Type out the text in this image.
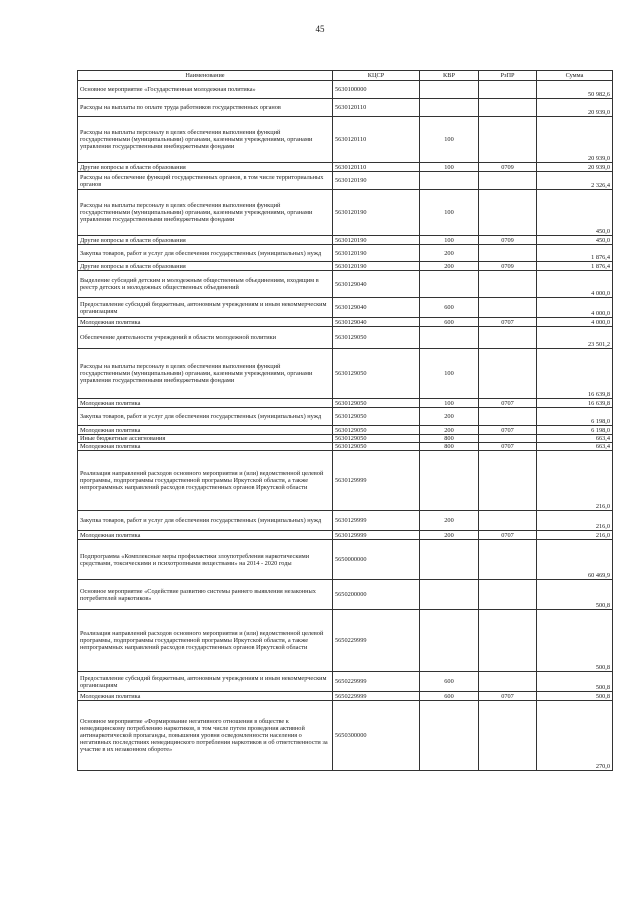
45
Наименование	КЦСР	КВР	РзПР	Сумма
Основное мероприятие «Государственная молодежная политика»	5630100000			50 982,6
Расходы на выплаты по оплате труда работников государственных органов	5630120110			20 939,0
Расходы на выплаты персоналу в целях обеспечения выполнения функций государственными (муниципальными) органами, казенными учреждениями, органами управления государственными внебюджетными фондами	5630120110	100		20 939,0
Другие вопросы в области образования	5630120110	100	0709	20 939,0
Расходы на обеспечение функций государственных органов, в том числе территориальных органов	5630120190			2 326,4
Расходы на выплаты персоналу в целях обеспечения выполнения функций государственными (муниципальными) органами, казенными учреждениями, органами управления государственными внебюджетными фондами	5630120190	100		450,0
Другие вопросы в области образования	5630120190	100	0709	450,0
Закупка товаров, работ и услуг для обеспечения государственных (муниципальных) нужд	5630120190	200		1 876,4
Другие вопросы в области образования	5630120190	200	0709	1 876,4
Выделение субсидий детским и молодежным общественным объединениям, входящим в реестр детских и молодежных общественных объединений	5630129040			4 000,0
Предоставление субсидий бюджетным, автономным учреждениям и иным некоммерческим организациям	5630129040	600		4 000,0
Молодежная политика	5630129040	600	0707	4 000,0
Обеспечение деятельности учреждений в области молодежной политики	5630129050			23 501,2
Расходы на выплаты персоналу в целях обеспечения выполнения функций государственными (муниципальными) органами, казенными учреждениями, органами управления государственными внебюджетными фондами	5630129050	100		16 639,8
Молодежная политика	5630129050	100	0707	16 639,8
Закупка товаров, работ и услуг для обеспечения государственных (муниципальных) нужд	5630129050	200		6 198,0
Молодежная политика	5630129050	200	0707	6 198,0
Иные бюджетные ассигнования	5630129050	800		663,4
Молодежная политика	5630129050	800	0707	663,4
Реализация направлений расходов основного мероприятия и (или) ведомственной целевой программы, подпрограммы государственной программы Иркутской области, а также непрограммных направлений расходов государственных органов Иркутской области	5630129999			216,0
Закупка товаров, работ и услуг для обеспечения государственных (муниципальных) нужд	5630129999	200		216,0
Молодежная политика	5630129999	200	0707	216,0
Подпрограмма «Комплексные меры профилактики злоупотребления наркотическими средствами, токсическими и психотропными веществами» на 2014 - 2020 годы	5650000000			60 469,9
Основное мероприятие «Содействие развитию системы раннего выявления незаконных потребителей наркотиков»	5650200000			500,8
Реализация направлений расходов основного мероприятия и (или) ведомственной целевой программы, подпрограммы государственной программы Иркутской области, а также непрограммных направлений расходов государственных органов Иркутской области	5650229999			500,8
Предоставление субсидий бюджетным, автономным учреждениям и иным некоммерческим организациям	5650229999	600		500,8
Молодежная политика	5650229999	600	0707	500,8
Основное мероприятие «Формирование негативного отношения в обществе к немедицинскому потреблению наркотиков, в том числе путем проведения активной антинаркотической пропаганды, повышения уровня осведомленности населения о негативных последствиях немедицинского потребления наркотиков и об ответственности за участие в их незаконном обороте»	5650300000			270,0
